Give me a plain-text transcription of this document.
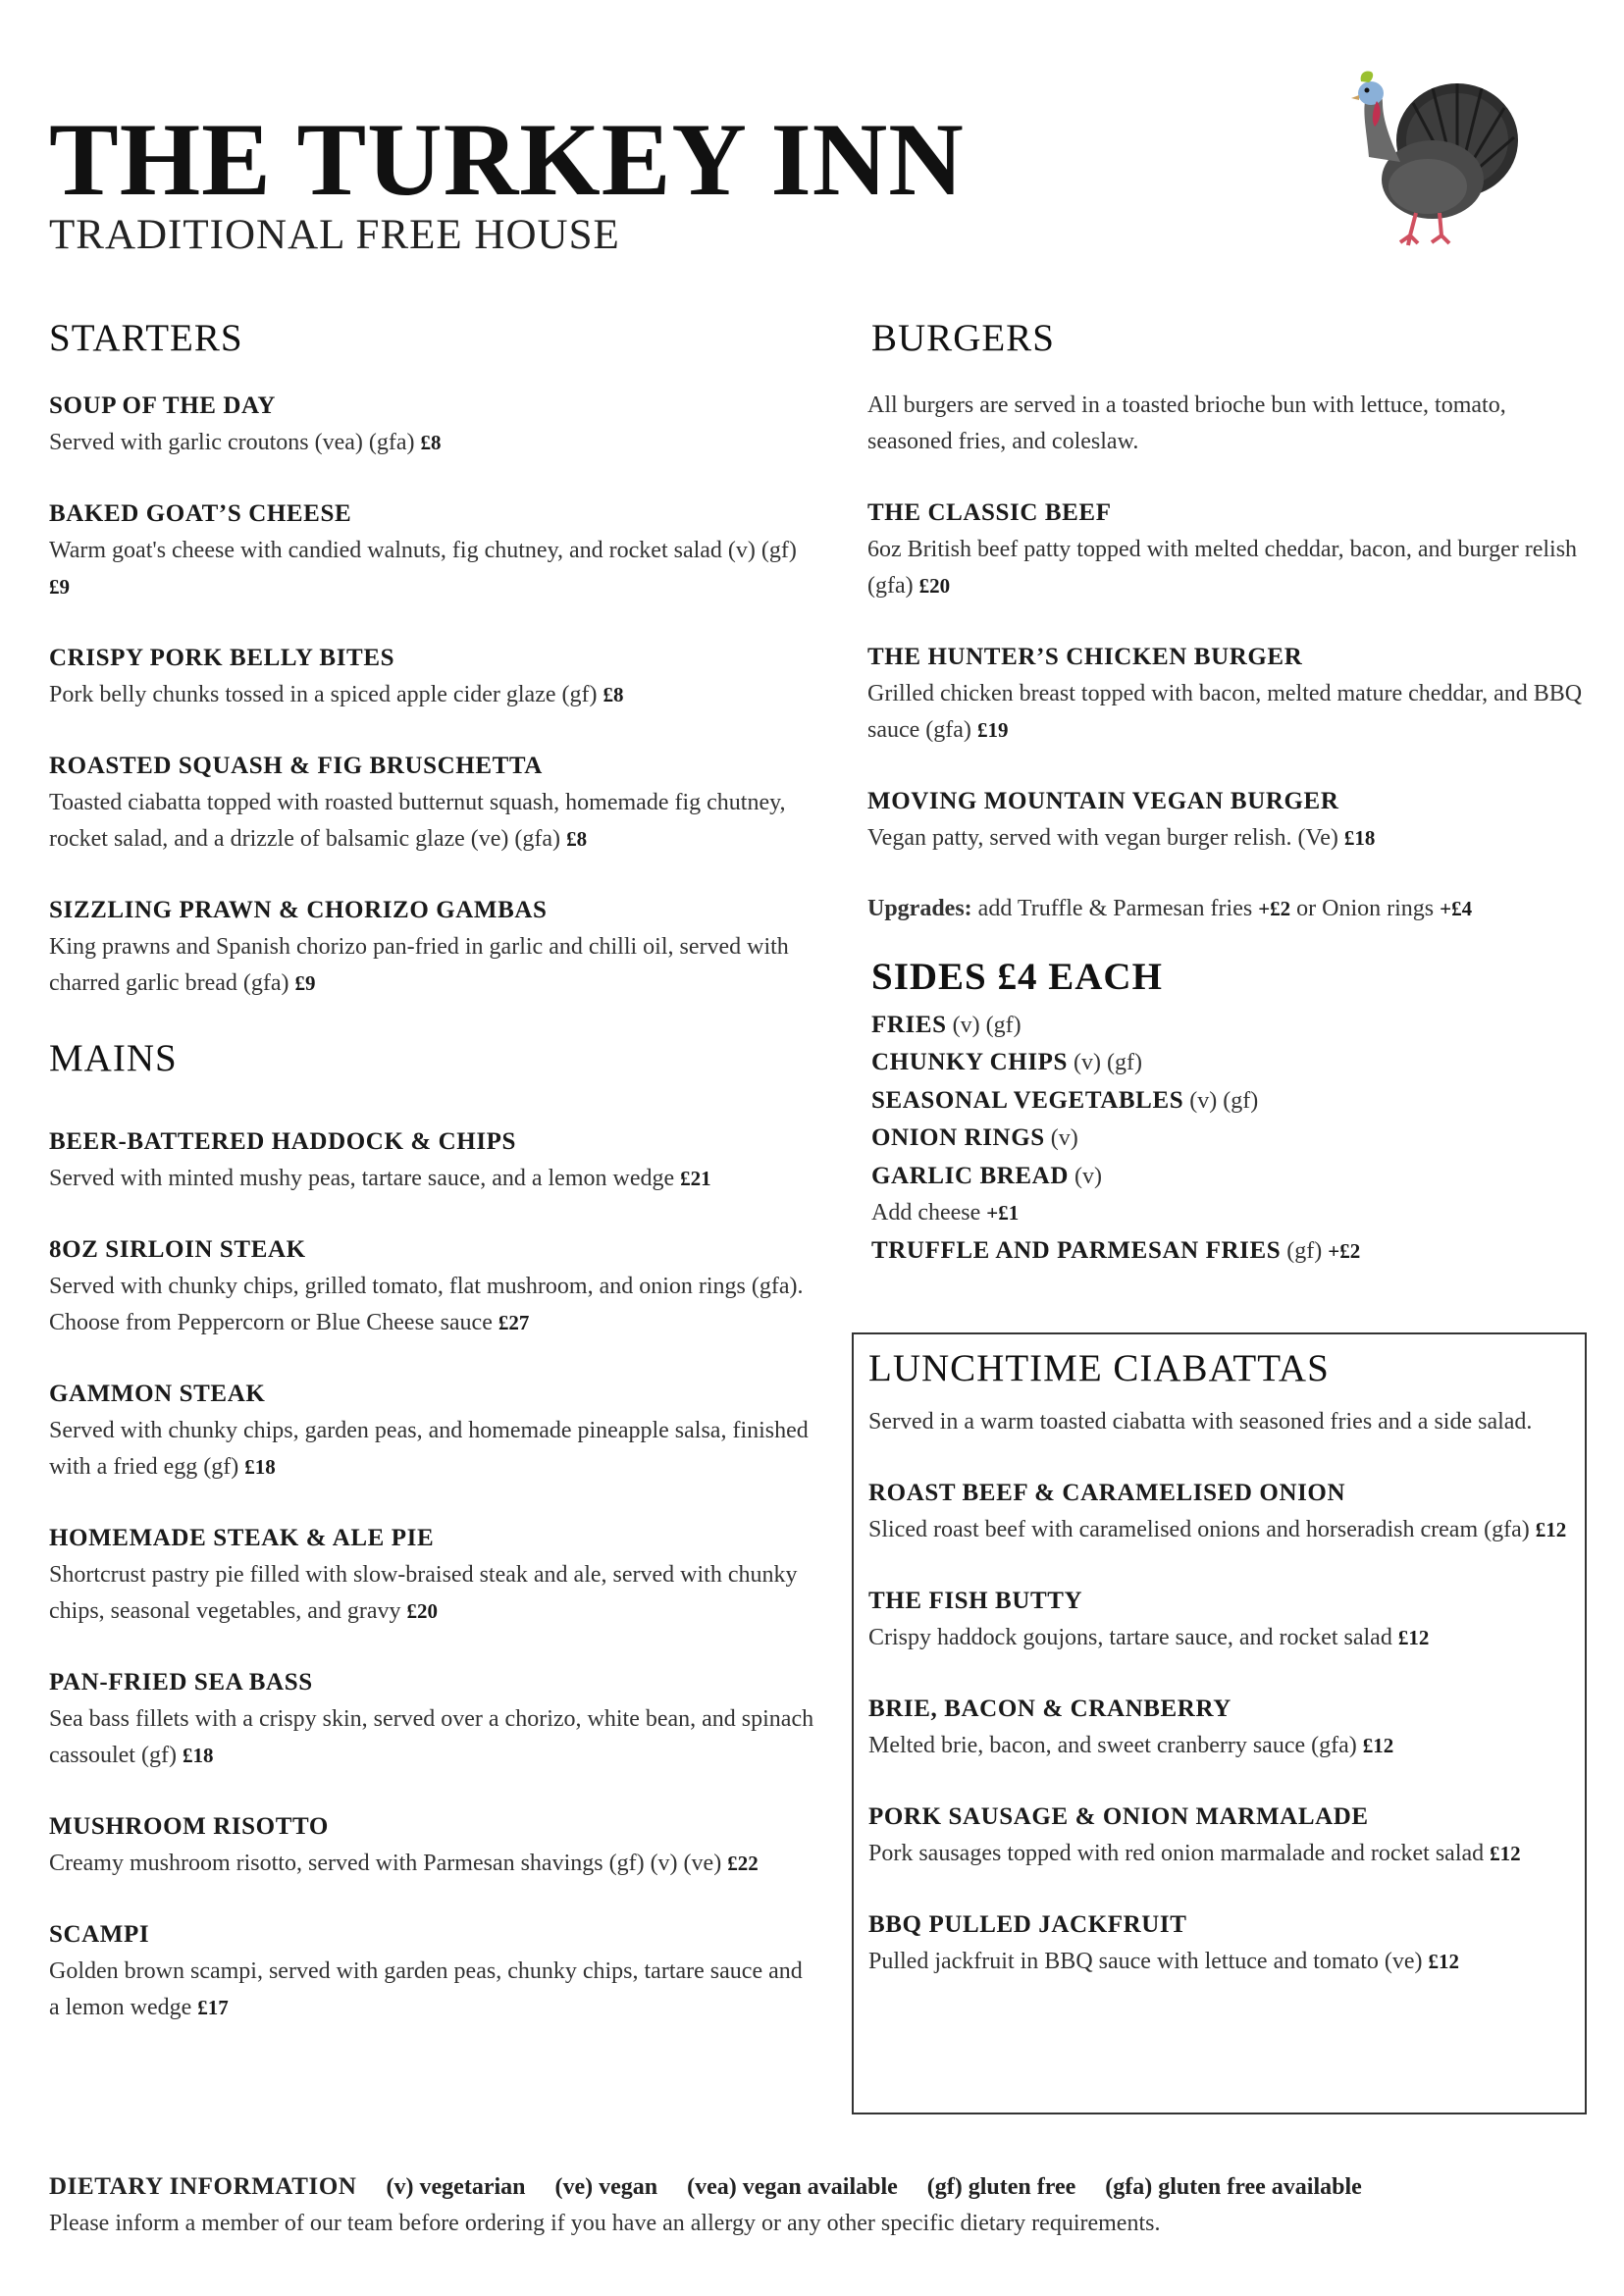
THE TURKEY INN
TRADITIONAL FREE HOUSE
STARTERS
SOUP OF THE DAY
Served with garlic croutons (vea) (gfa) £8
BAKED GOAT’S CHEESE
Warm goat's cheese with candied walnuts, fig chutney, and rocket salad (v) (gf) £9
CRISPY PORK BELLY BITES
Pork belly chunks tossed in a spiced apple cider glaze (gf) £8
ROASTED SQUASH & FIG BRUSCHETTA
Toasted ciabatta topped with roasted butternut squash, homemade fig chutney, rocket salad, and a drizzle of balsamic glaze (ve) (gfa) £8
SIZZLING PRAWN & CHORIZO GAMBAS
King prawns and Spanish chorizo pan-fried in garlic and chilli oil, served with charred garlic bread (gfa) £9
MAINS
BEER-BATTERED HADDOCK & CHIPS
Served with minted mushy peas, tartare sauce, and a lemon wedge £21
8OZ SIRLOIN STEAK
Served with chunky chips, grilled tomato, flat mushroom, and onion rings (gfa). Choose from Peppercorn or Blue Cheese sauce £27
GAMMON STEAK
Served with chunky chips, garden peas, and homemade pineapple salsa, finished with a fried egg (gf) £18
HOMEMADE STEAK & ALE PIE
Shortcrust pastry pie filled with slow-braised steak and ale, served with chunky chips, seasonal vegetables, and gravy £20
PAN-FRIED SEA BASS
Sea bass fillets with a crispy skin, served over a chorizo, white bean, and spinach cassoulet (gf) £18
MUSHROOM RISOTTO
Creamy mushroom risotto, served with Parmesan shavings (gf) (v) (ve) £22
SCAMPI
Golden brown scampi, served with garden peas, chunky chips, tartare sauce and a lemon wedge £17
BURGERS

All burgers are served in a toasted brioche bun with lettuce, tomato, seasoned fries, and coleslaw.

THE CLASSIC BEEF
6oz British beef patty topped with melted cheddar, bacon, and burger relish (gfa) £20
THE HUNTER’S CHICKEN BURGER
Grilled chicken breast topped with bacon, melted mature cheddar, and BBQ sauce (gfa) £19
MOVING MOUNTAIN VEGAN BURGER
Vegan patty, served with vegan burger relish. (Ve) £18

Upgrades: add Truffle & Parmesan fries +£2 or Onion rings +£4

SIDES £4 EACH
FRIES (v) (gf)
CHUNKY CHIPS (v) (gf)
SEASONAL VEGETABLES (v) (gf)
ONION RINGS (v)
GARLIC BREAD (v)
Add cheese +£1
TRUFFLE AND PARMESAN FRIES (gf) +£2
LUNCHTIME CIABATTAS

Served in a warm toasted ciabatta with seasoned fries and a side salad.

ROAST BEEF & CARAMELISED ONION
Sliced roast beef with caramelised onions and horseradish cream (gfa) £12
THE FISH BUTTY
Crispy haddock goujons, tartare sauce, and rocket salad £12
BRIE, BACON & CRANBERRY
Melted brie, bacon, and sweet cranberry sauce (gfa) £12
PORK SAUSAGE & ONION MARMALADE
Pork sausages topped with red onion marmalade and rocket salad £12
BBQ PULLED JACKFRUIT
Pulled jackfruit in BBQ sauce with lettuce and tomato (ve) £12

DIETARY INFORMATION (v) vegetarian (ve) vegan (vea) vegan available (gf) gluten free (gfa) gluten free available

Please inform a member of our team before ordering if you have an allergy or any other specific dietary requirements.
